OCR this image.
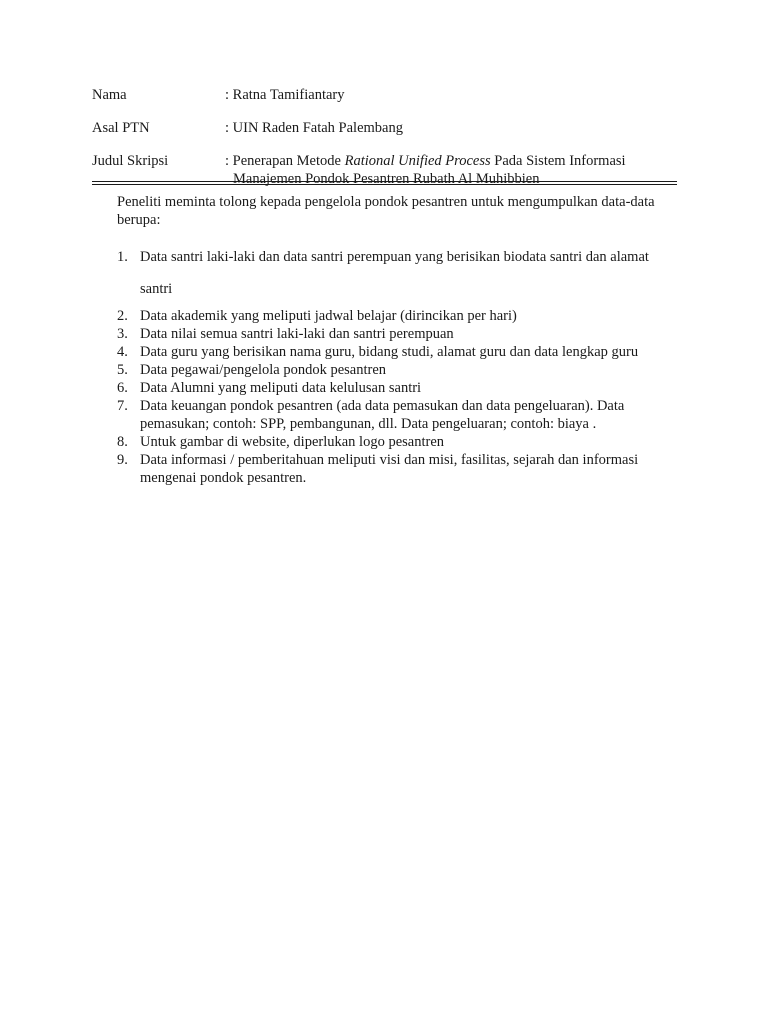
Nama	: Ratna Tamifiantary
Asal PTN	: UIN Raden Fatah Palembang
Judul Skripsi	: Penerapan Metode Rational Unified Process Pada Sistem Informasi
Manajemen Pondok Pesantren Rubath Al Muhibbien

Peneliti meminta tolong kepada pengelola pondok pesantren untuk mengumpulkan data-data berupa:

1. Data santri laki-laki dan data santri perempuan yang berisikan biodata santri dan alamat santri
2. Data akademik yang meliputi jadwal belajar (dirincikan per hari)
3. Data nilai semua santri laki-laki dan santri perempuan
4. Data guru yang berisikan nama guru, bidang studi, alamat guru dan data lengkap guru
5. Data pegawai/pengelola pondok pesantren
6. Data Alumni yang meliputi data kelulusan santri
7. Data keuangan pondok pesantren (ada data pemasukan dan data pengeluaran). Data pemasukan; contoh: SPP, pembangunan, dll. Data pengeluaran; contoh: biaya .
8. Untuk gambar di website, diperlukan logo pesantren
9. Data informasi / pemberitahuan meliputi visi dan misi, fasilitas, sejarah dan informasi mengenai pondok pesantren.
